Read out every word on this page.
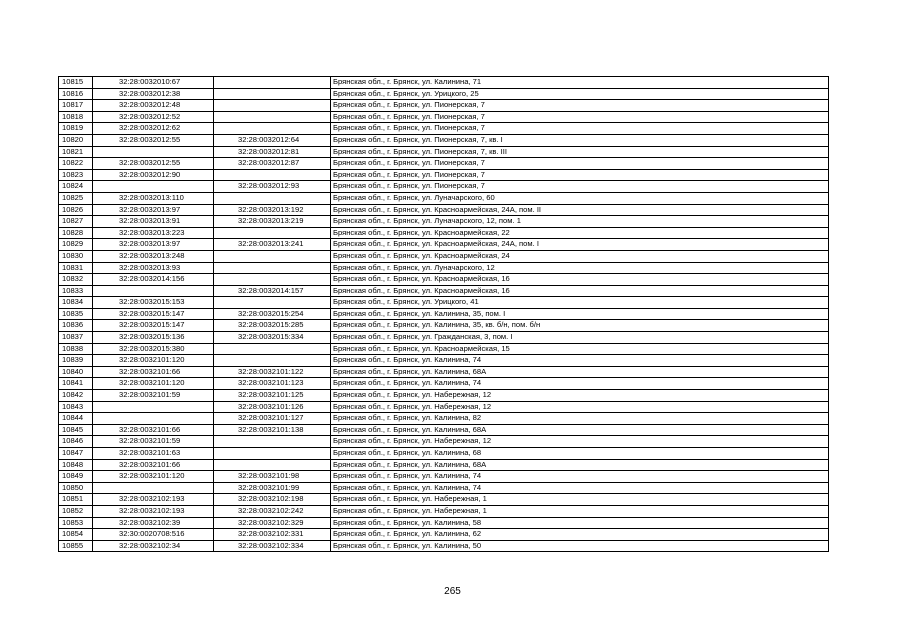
10815	32:28:0032010:67		Брянская обл., г. Брянск, ул. Калинина, 71
10816	32:28:0032012:38		Брянская обл., г. Брянск, ул. Урицкого, 25
10817	32:28:0032012:48		Брянская обл., г. Брянск, ул. Пионерская, 7
10818	32:28:0032012:52		Брянская обл., г. Брянск, ул. Пионерская, 7
10819	32:28:0032012:62		Брянская обл., г. Брянск, ул. Пионерская, 7
10820	32:28:0032012:55	32:28:0032012:64	Брянская обл., г. Брянск, ул. Пионерская, 7, кв. I
10821		32:28:0032012:81	Брянская обл., г. Брянск, ул. Пионерская, 7, кв. III
10822	32:28:0032012:55	32:28:0032012:87	Брянская обл., г. Брянск, ул. Пионерская, 7
10823	32:28:0032012:90		Брянская обл., г. Брянск, ул. Пионерская, 7
10824		32:28:0032012:93	Брянская обл., г. Брянск, ул. Пионерская, 7
10825	32:28:0032013:110		Брянская обл., г. Брянск, ул. Луначарского, 60
10826	32:28:0032013:97	32:28:0032013:192	Брянская обл., г. Брянск, ул. Красноармейская, 24А, пом. II
10827	32:28:0032013:91	32:28:0032013:219	Брянская обл., г. Брянск, ул. Луначарского, 12, пом. 1
10828	32:28:0032013:223		Брянская обл., г. Брянск, ул. Красноармейская, 22
10829	32:28:0032013:97	32:28:0032013:241	Брянская обл., г. Брянск, ул. Красноармейская, 24А, пом. I
10830	32:28:0032013:248		Брянская обл., г. Брянск, ул. Красноармейская, 24
10831	32:28:0032013:93		Брянская обл., г. Брянск, ул. Луначарского, 12
10832	32:28:0032014:156		Брянская обл., г. Брянск, ул. Красноармейская, 16
10833		32:28:0032014:157	Брянская обл., г. Брянск, ул. Красноармейская, 16
10834	32:28:0032015:153		Брянская обл., г. Брянск, ул. Урицкого, 41
10835	32:28:0032015:147	32:28:0032015:254	Брянская обл., г. Брянск, ул. Калинина, 35, пом. I
10836	32:28:0032015:147	32:28:0032015:285	Брянская обл., г. Брянск, ул. Калинина, 35, кв. б/н, пом. б/н
10837	32:28:0032015:136	32:28:0032015:334	Брянская обл., г. Брянск, ул. Гражданская, 3, пом. I
10838	32:28:0032015:380		Брянская обл., г. Брянск, ул. Красноармейская, 15
10839	32:28:0032101:120		Брянская обл., г. Брянск, ул. Калинина, 74
10840	32:28:0032101:66	32:28:0032101:122	Брянская обл., г. Брянск, ул. Калинина, 68А
10841	32:28:0032101:120	32:28:0032101:123	Брянская обл., г. Брянск, ул. Калинина, 74
10842	32:28:0032101:59	32:28:0032101:125	Брянская обл., г. Брянск, ул. Набережная, 12
10843		32:28:0032101:126	Брянская обл., г. Брянск, ул. Набережная, 12
10844		32:28:0032101:127	Брянская обл., г. Брянск, ул. Калинина, 82
10845	32:28:0032101:66	32:28:0032101:138	Брянская обл., г. Брянск, ул. Калинина, 68А
10846	32:28:0032101:59		Брянская обл., г. Брянск, ул. Набережная, 12
10847	32:28:0032101:63		Брянская обл., г. Брянск, ул. Калинина, 68
10848	32:28:0032101:66		Брянская обл., г. Брянск, ул. Калинина, 68А
10849	32:28:0032101:120	32:28:0032101:98	Брянская обл., г. Брянск, ул. Калинина, 74
10850		32:28:0032101:99	Брянская обл., г. Брянск, ул. Калинина, 74
10851	32:28:0032102:193	32:28:0032102:198	Брянская обл., г. Брянск, ул. Набережная, 1
10852	32:28:0032102:193	32:28:0032102:242	Брянская обл., г. Брянск, ул. Набережная, 1
10853	32:28:0032102:39	32:28:0032102:329	Брянская обл., г. Брянск, ул. Калинина, 58
10854	32:30:0020708:516	32:28:0032102:331	Брянская обл., г. Брянск, ул. Калинина, 62
10855	32:28:0032102:34	32:28:0032102:334	Брянская обл., г. Брянск, ул. Калинина, 50
265
